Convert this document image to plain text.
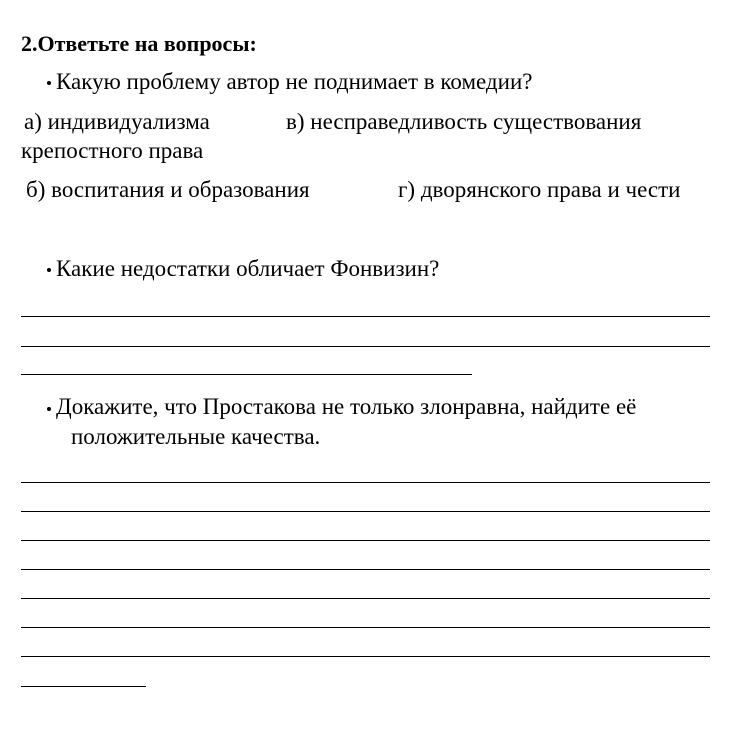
2.Ответьте на вопросы:
Какую проблему автор не поднимает в комедии?
а) индивидуализма	в) несправедливость существования
крепостного права
б) воспитания и образования	г) дворянского права и чести
Какие недостатки обличает Фонвизин?
Докажите, что Простакова не только злонравна, найдите её
положительные качества.
